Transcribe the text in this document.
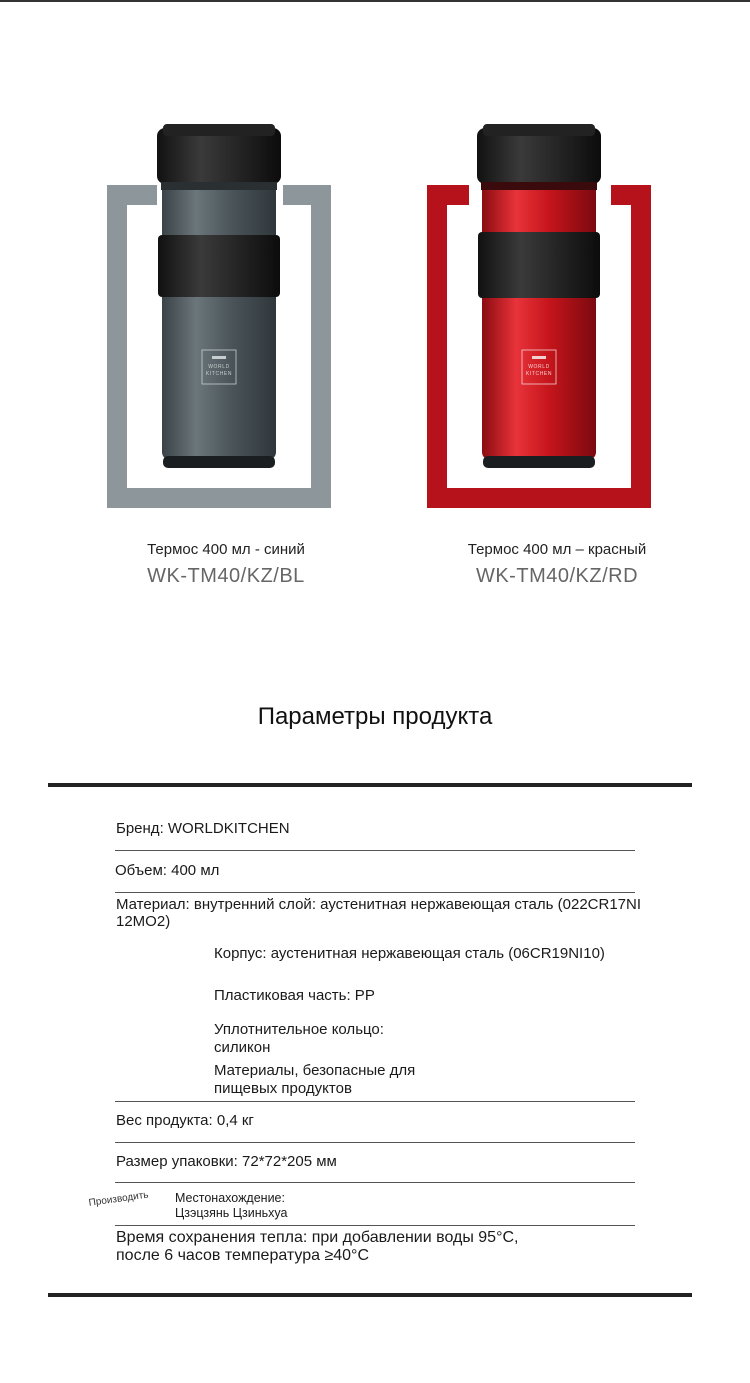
WORLD
KITCHEN
WORLD
KITCHEN
Термос 400 мл - синий
WK-TM40/KZ/BL
Термос 400 мл – красный
WK-TM40/KZ/RD
Параметры продукта
Бренд: WORLDKITCHEN
Объем: 400 мл
Материал: внутренний слой: аустенитная нержавеющая сталь (022CR17NI
12MO2)
Корпус: аустенитная нержавеющая сталь (06CR19NI10)
Пластиковая часть: PP
Уплотнительное кольцо:
силикон
Материалы, безопасные для
пищевых продуктов
Вес продукта: 0,4 кг
Размер упаковки: 72*72*205 мм
Производить Местонахождение:
Цзэцзянь Цзиньхуа
Время сохранения тепла: при добавлении воды 95°C,
после 6 часов температура ≥40°C
